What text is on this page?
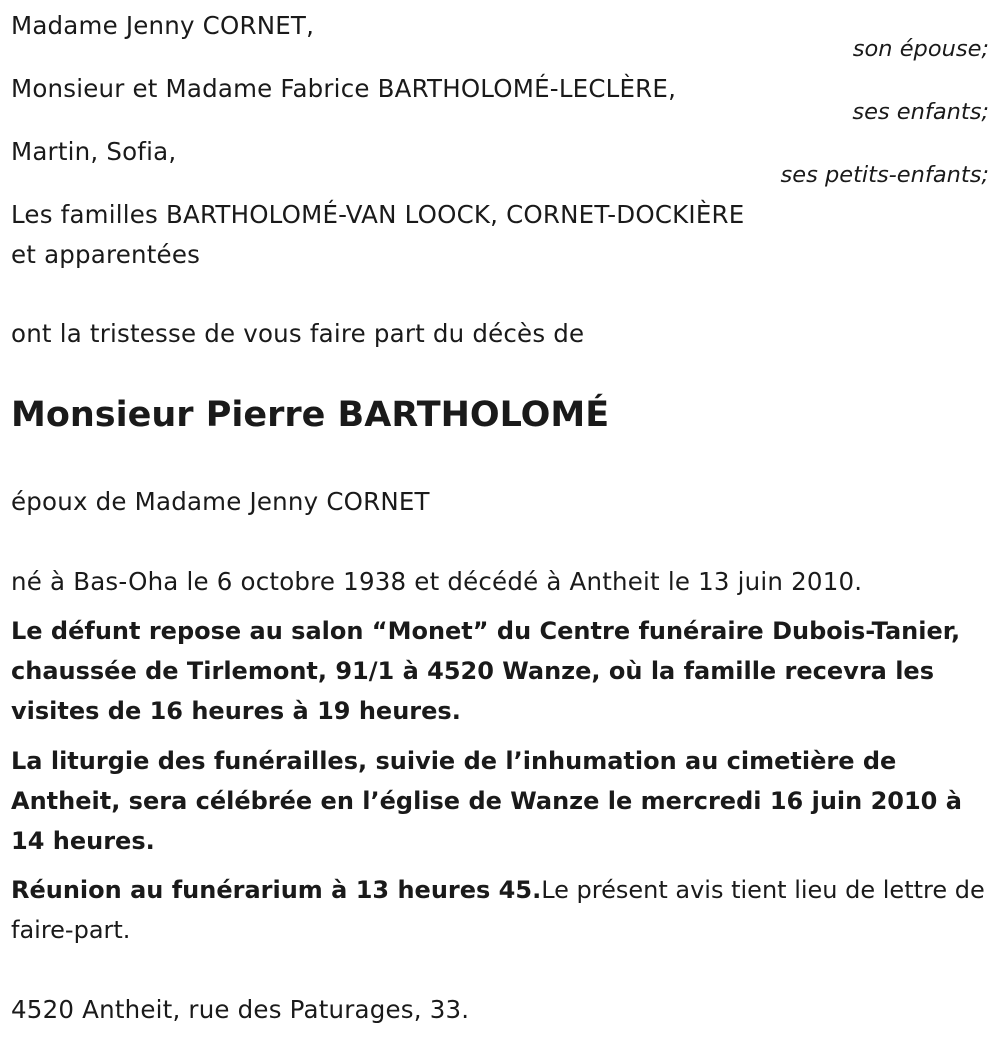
Madame Jenny CORNET,

son épouse;

Monsieur et Madame Fabrice BARTHOLOMÉ-LECLÈRE,

ses enfants;

Martin, Sofia,

ses petits-enfants;

Les familles BARTHOLOMÉ-VAN LOOCK, CORNET-DOCKIÈRE

et apparentées

ont la tristesse de vous faire part du décès de

Monsieur Pierre BARTHOLOMÉ

époux de Madame Jenny CORNET

né à Bas-Oha le 6 octobre 1938 et décédé à Antheit le 13 juin 2010.

Le défunt repose au salon “Monet” du Centre funéraire Dubois-Tanier, chaussée de Tirlemont, 91/1 à 4520 Wanze, où la famille recevra les visites de 16 heures à 19 heures.

La liturgie des funérailles, suivie de l’inhumation au cimetière de Antheit, sera célébrée en l’église de Wanze le mercredi 16 juin 2010 à 14 heures.

Réunion au funérarium à 13 heures 45.Le présent avis tient lieu de lettre de faire-part.

4520 Antheit, rue des Paturages, 33.
